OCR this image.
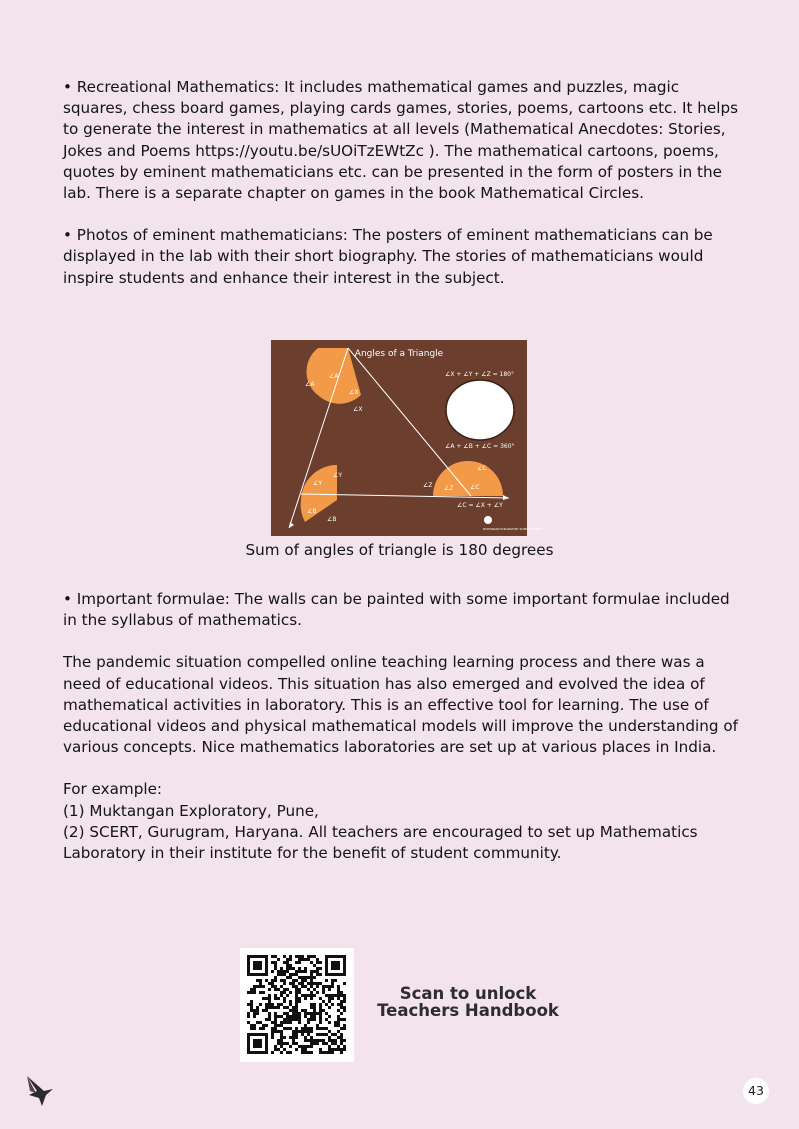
• Recreational Mathematics: It includes mathematical games and puzzles, magic squares, chess board games, playing cards games, stories, poems, cartoons etc. It helps to generate the interest in mathematics at all levels (Mathematical Anecdotes: Stories, Jokes and Poems https://youtu.be/sUOiTzEWtZc ). The mathematical cartoons, poems, quotes by eminent mathematicians etc. can be presented in the form of posters in the lab. There is a separate chapter on games in the book Mathematical Circles.

• Photos of eminent mathematicians: The posters of eminent mathematicians can be displayed in the lab with their short biography. The stories of mathematicians would inspire students and enhance their interest in the subject.

Angles of a Triangle
∠X + ∠Y + ∠Z = 180°
∠A + ∠B + ∠C = 360°
∠C = ∠X + ∠Y
∠A
∠A
∠X
∠X
∠Y
∠Y
∠B
∠B
∠Z ∠Z
∠C
∠C
MUKTANGAN EXPLORATORY SCIENCE CENTRE
Sum of angles of triangle is 180 degrees

• Important formulae: The walls can be painted with some important formulae included in the syllabus of mathematics.

The pandemic situation compelled online teaching learning process and there was a need of educational videos. This situation has also emerged and evolved the idea of mathematical activities in laboratory. This is an effective tool for learning. The use of educational videos and physical mathematical models will improve the understanding of various concepts. Nice mathematics laboratories are set up at various places in India.

For example:

(1) Muktangan Exploratory, Pune,

(2) SCERT, Gurugram, Haryana. All teachers are encouraged to set up Mathematics Laboratory in their institute for the benefit of student community.

Scan to unlock
Teachers Handbook
43
